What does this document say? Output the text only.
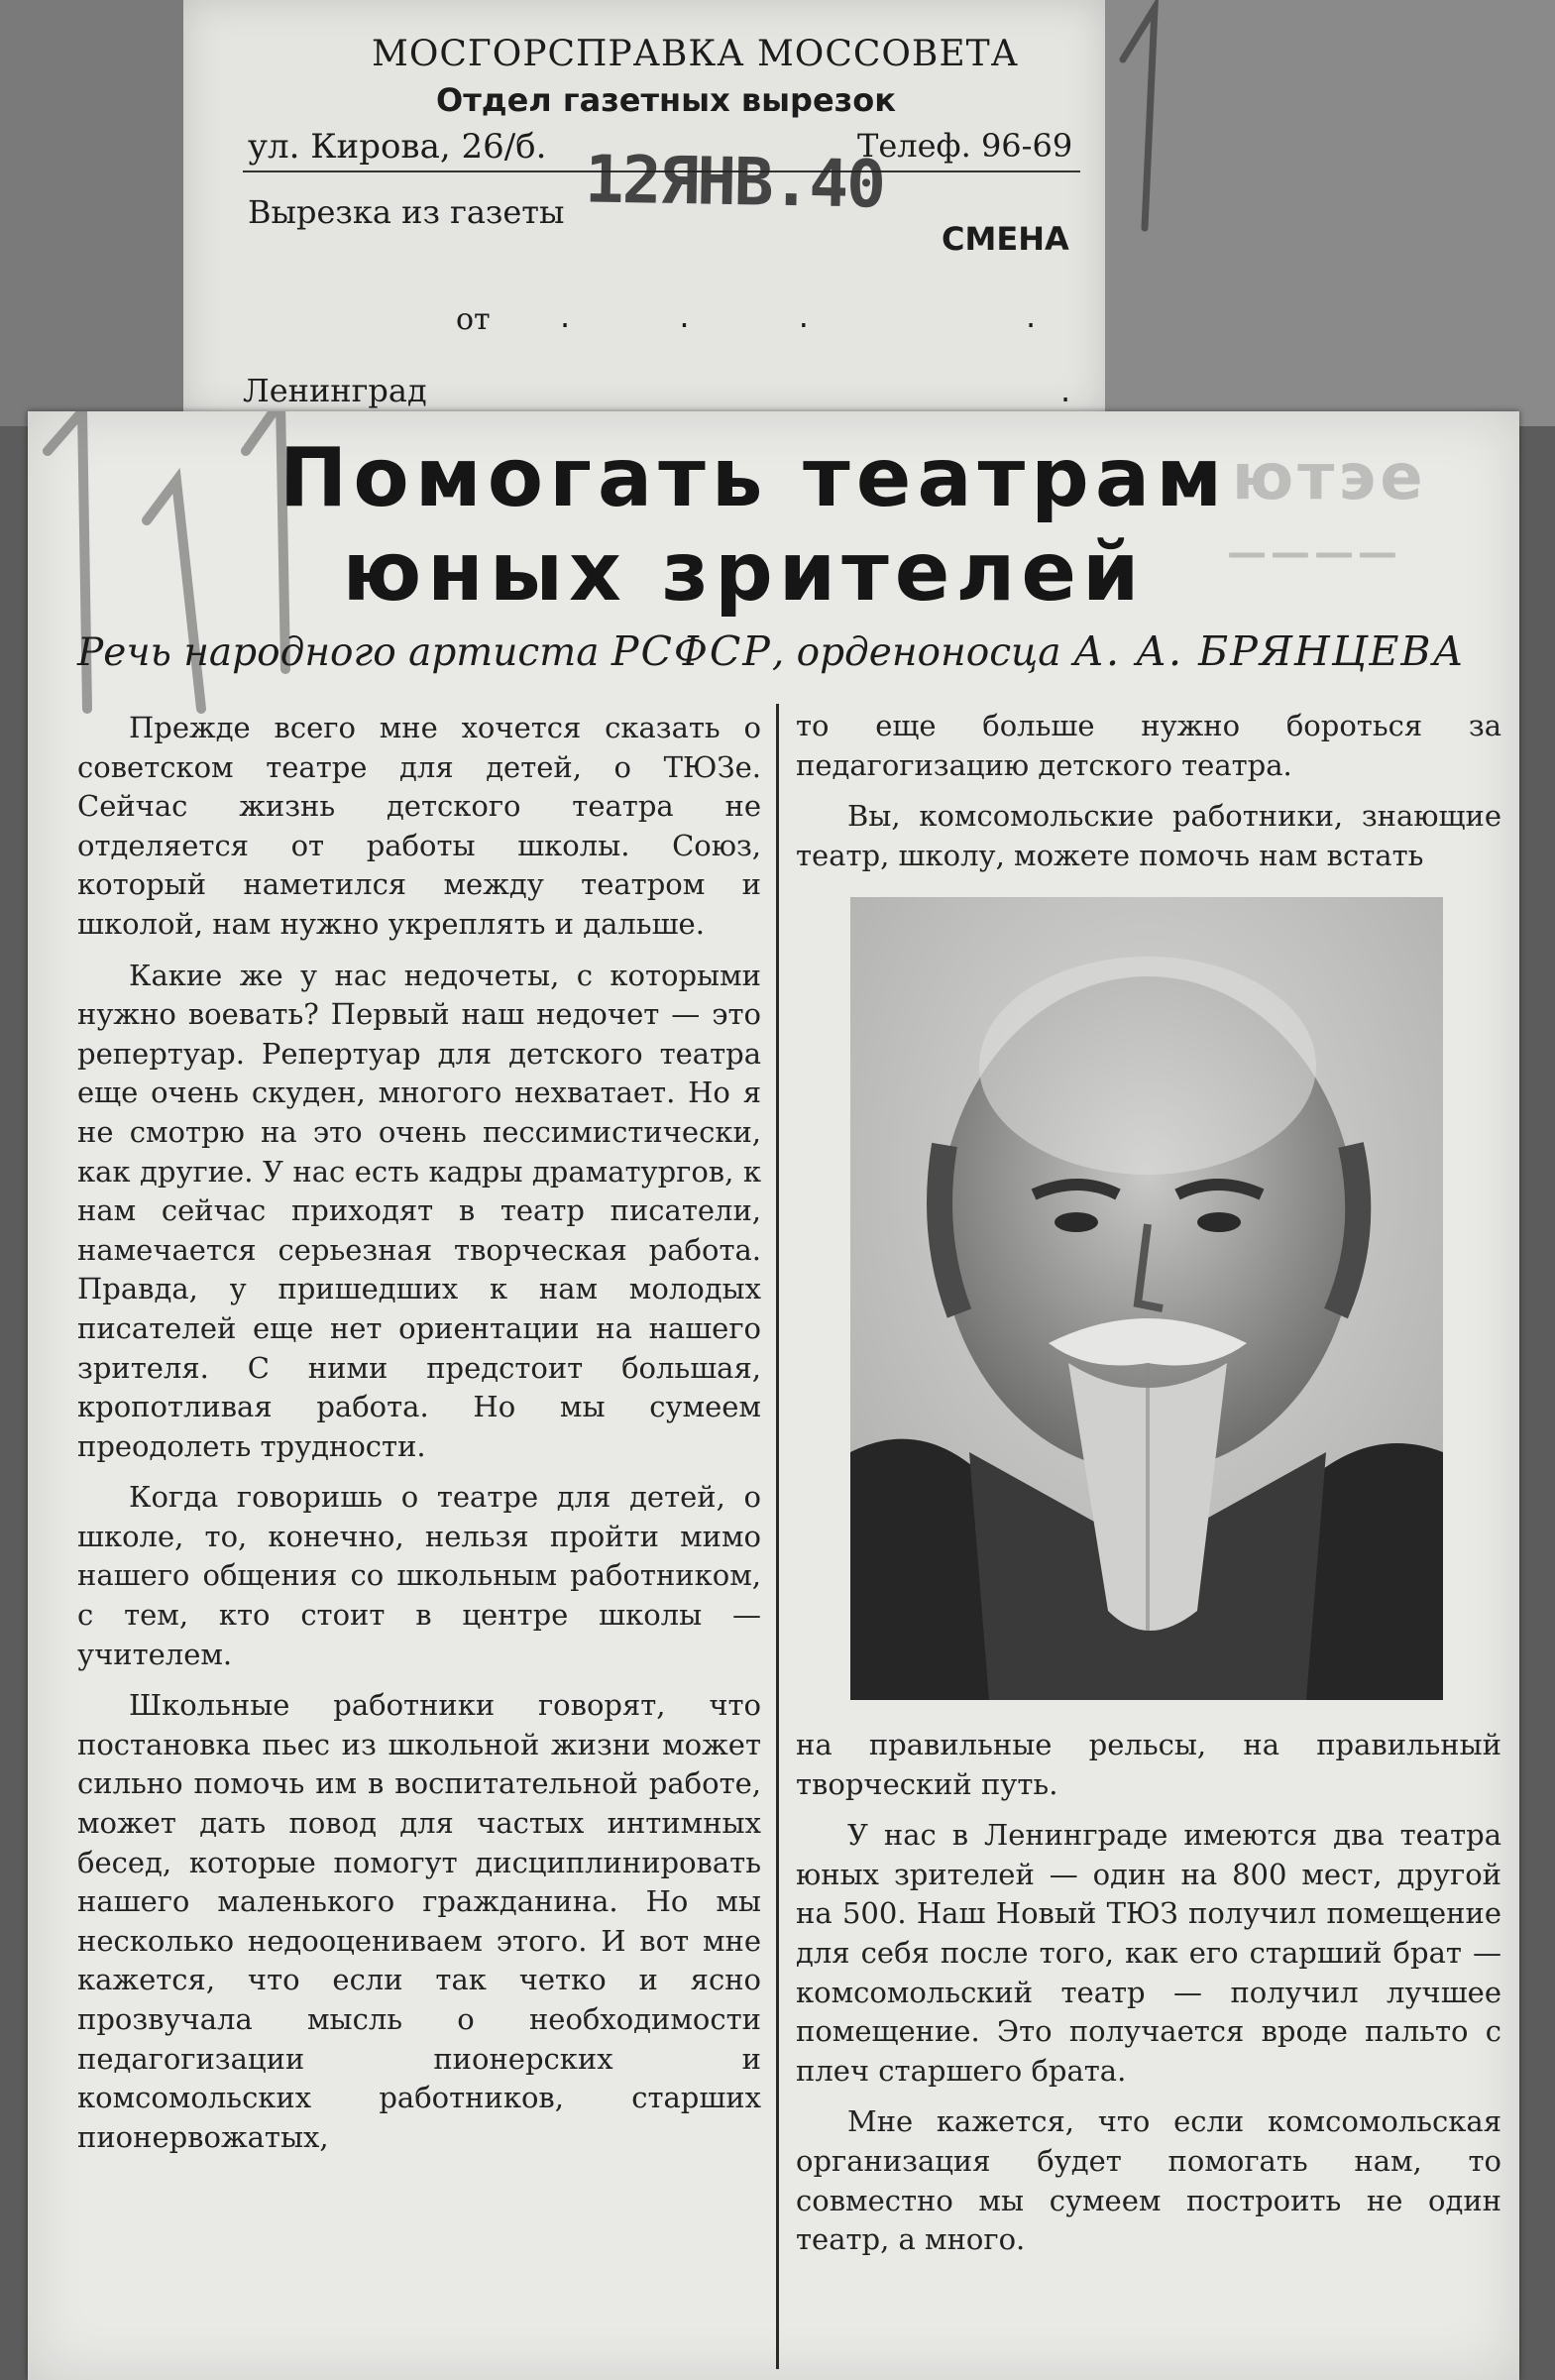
МОСГОРСПРАВКА МОССОВЕТА
Отдел газетных вырезок
ул. Кирова, 26/б.	Телеф. 96-69
Вырезка из газеты 12ЯНВ.40
СМЕНА
от . . .	.
Ленинград	.
ютэе
————
Помогать театрам
юных зрителей
Речь народного артиста РСФСР, орденоносца А. А. БРЯНЦЕВА

Прежде всего мне хочется сказать о советском театре для детей, о ТЮЗе. Сейчас жизнь детского театра не отделяется от работы школы. Союз, который наметился между театром и школой, нам нужно укреплять и дальше.

Какие же у нас недочеты, с которыми нужно воевать? Первый наш недочет — это репертуар. Репертуар для детского театра еще очень скуден, многого нехватает. Но я не смотрю на это очень пессимистически, как другие. У нас есть кадры драматургов, к нам сейчас приходят в театр писатели, намечается серьезная творческая работа. Правда, у пришедших к нам молодых писателей еще нет ориентации на нашего зрителя. С ними предстоит большая, кропотливая работа. Но мы сумеем преодолеть трудности.

Когда говоришь о театре для детей, о школе, то, конечно, нельзя пройти мимо нашего общения со школьным работником, с тем, кто стоит в центре школы — учителем.

Школьные работники говорят, что постановка пьес из школьной жизни может сильно помочь им в воспитательной работе, может дать повод для частых интимных бесед, которые помогут дисциплинировать нашего маленького гражданина. Но мы несколько недооцениваем этого. И вот мне кажется, что если так четко и ясно прозвучала мысль о необходимости педагогизации пионерских и комсомольских работников, старших пионервожатых,

то еще больше нужно бороться за педагогизацию детского театра.

Вы, комсомольские работники, знающие театр, школу, можете помочь нам встать

на правильные рельсы, на правильный творческий путь.

У нас в Ленинграде имеются два театра юных зрителей — один на 800 мест, другой на 500. Наш Новый ТЮЗ получил помещение для себя после того, как его старший брат — комсомольский театр — получил лучшее помещение. Это получается вроде пальто с плеч старшего брата.

Мне кажется, что если комсомольская организация будет помогать нам, то совместно мы сумеем построить не один театр, а много.
